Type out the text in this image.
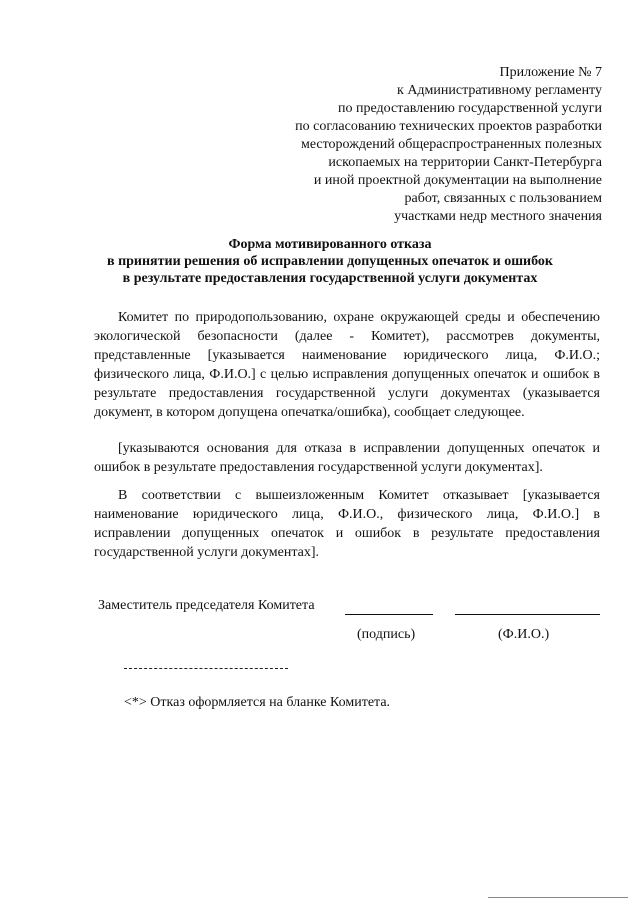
Приложение № 7
к Административному регламенту
по предоставлению государственной услуги
по согласованию технических проектов разработки
месторождений общераспространенных полезных
ископаемых на территории Санкт-Петербурга
и иной проектной документации на выполнение
работ, связанных с пользованием
участками недр местного значения
Форма мотивированного отказа
в принятии решения об исправлении допущенных опечаток и ошибок
в результате предоставления государственной услуги документах

Комитет по природопользованию, охране окружающей среды и обеспечению экологической безопасности (далее - Комитет), рассмотрев документы, представленные [указывается наименование юридического лица, Ф.И.О.; физического лица, Ф.И.О.] с целью исправления допущенных опечаток и ошибок в результате предоставления государственной услуги документах (указывается документ, в котором допущена опечатка/ошибка), сообщает следующее.

[указываются основания для отказа в исправлении допущенных опечаток и ошибок в результате предоставления государственной услуги документах].

В соответствии с вышеизложенным Комитет отказывает [указывается наименование юридического лица, Ф.И.О., физического лица, Ф.И.О.] в исправлении допущенных опечаток и ошибок в результате предоставления государственной услуги документах].

Заместитель председателя Комитета
(подпись)	(Ф.И.О.)
<*> Отказ оформляется на бланке Комитета.
